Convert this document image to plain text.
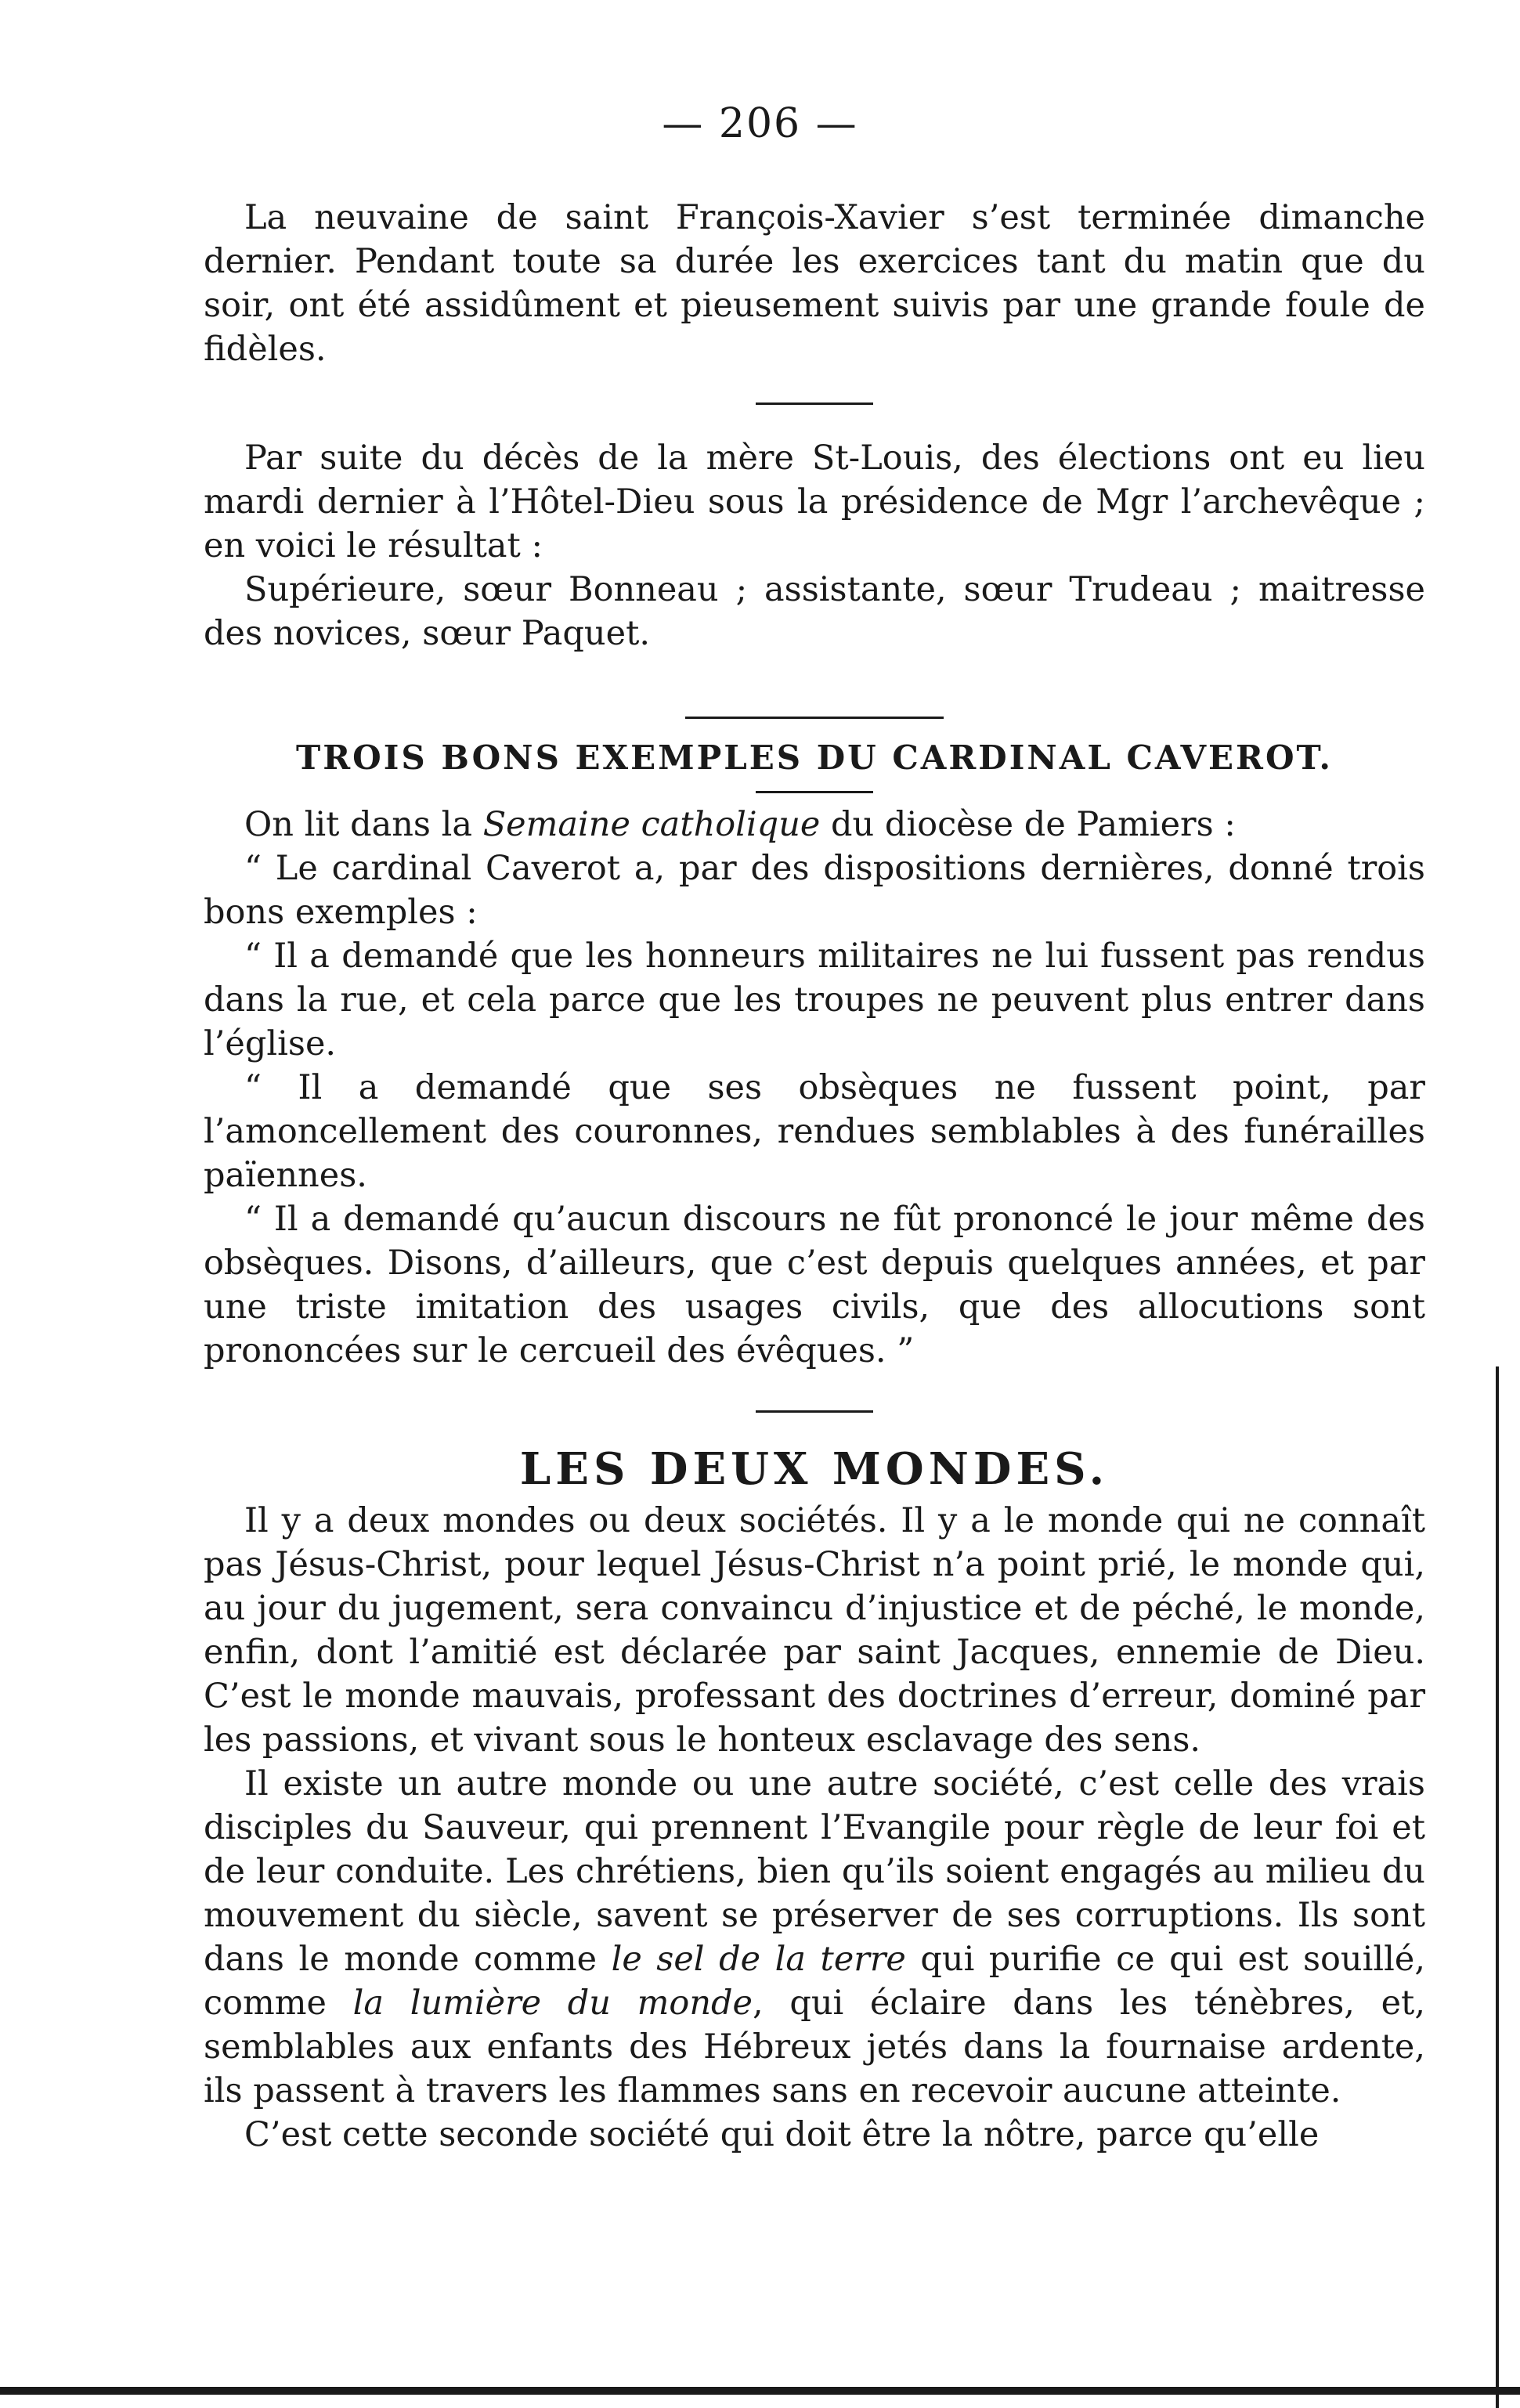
— 206 —

La neuvaine de saint François-Xavier s’est terminée dimanche dernier. Pendant toute sa durée les exercices tant du matin que du soir, ont été assidûment et pieusement suivis par une grande foule de fidèles.

Par suite du décès de la mère St-Louis, des élections ont eu lieu mardi dernier à l’Hôtel-Dieu sous la présidence de Mgr l’archevêque ; en voici le résultat :

Supérieure, sœur Bonneau ; assistante, sœur Trudeau ; maitresse des novices, sœur Paquet.

TROIS BONS EXEMPLES DU CARDINAL CAVEROT.

On lit dans la Semaine catholique du diocèse de Pamiers :

“ Le cardinal Caverot a, par des dispositions dernières, donné trois bons exemples :

“ Il a demandé que les honneurs militaires ne lui fussent pas rendus dans la rue, et cela parce que les troupes ne peuvent plus entrer dans l’église.

“ Il a demandé que ses obsèques ne fussent point, par l’amoncellement des couronnes, rendues semblables à des funérailles païennes.

“ Il a demandé qu’aucun discours ne fût prononcé le jour même des obsèques. Disons, d’ailleurs, que c’est depuis quelques années, et par une triste imitation des usages civils, que des allocutions sont prononcées sur le cercueil des évêques. ”

LES DEUX MONDES.

Il y a deux mondes ou deux sociétés. Il y a le monde qui ne connaît pas Jésus-Christ, pour lequel Jésus-Christ n’a point prié, le monde qui, au jour du jugement, sera convaincu d’injustice et de péché, le monde, enfin, dont l’amitié est déclarée par saint Jacques, ennemie de Dieu. C’est le monde mauvais, professant des doctrines d’erreur, dominé par les passions, et vivant sous le honteux esclavage des sens.

Il existe un autre monde ou une autre société, c’est celle des vrais disciples du Sauveur, qui prennent l’Evangile pour règle de leur foi et de leur conduite. Les chrétiens, bien qu’ils soient engagés au milieu du mouvement du siècle, savent se préserver de ses corruptions. Ils sont dans le monde comme le sel de la terre qui purifie ce qui est souillé, comme la lumière du monde, qui éclaire dans les ténèbres, et, semblables aux enfants des Hébreux jetés dans la fournaise ardente, ils passent à travers les flammes sans en recevoir aucune atteinte.

C’est cette seconde société qui doit être la nôtre, parce qu’elle
